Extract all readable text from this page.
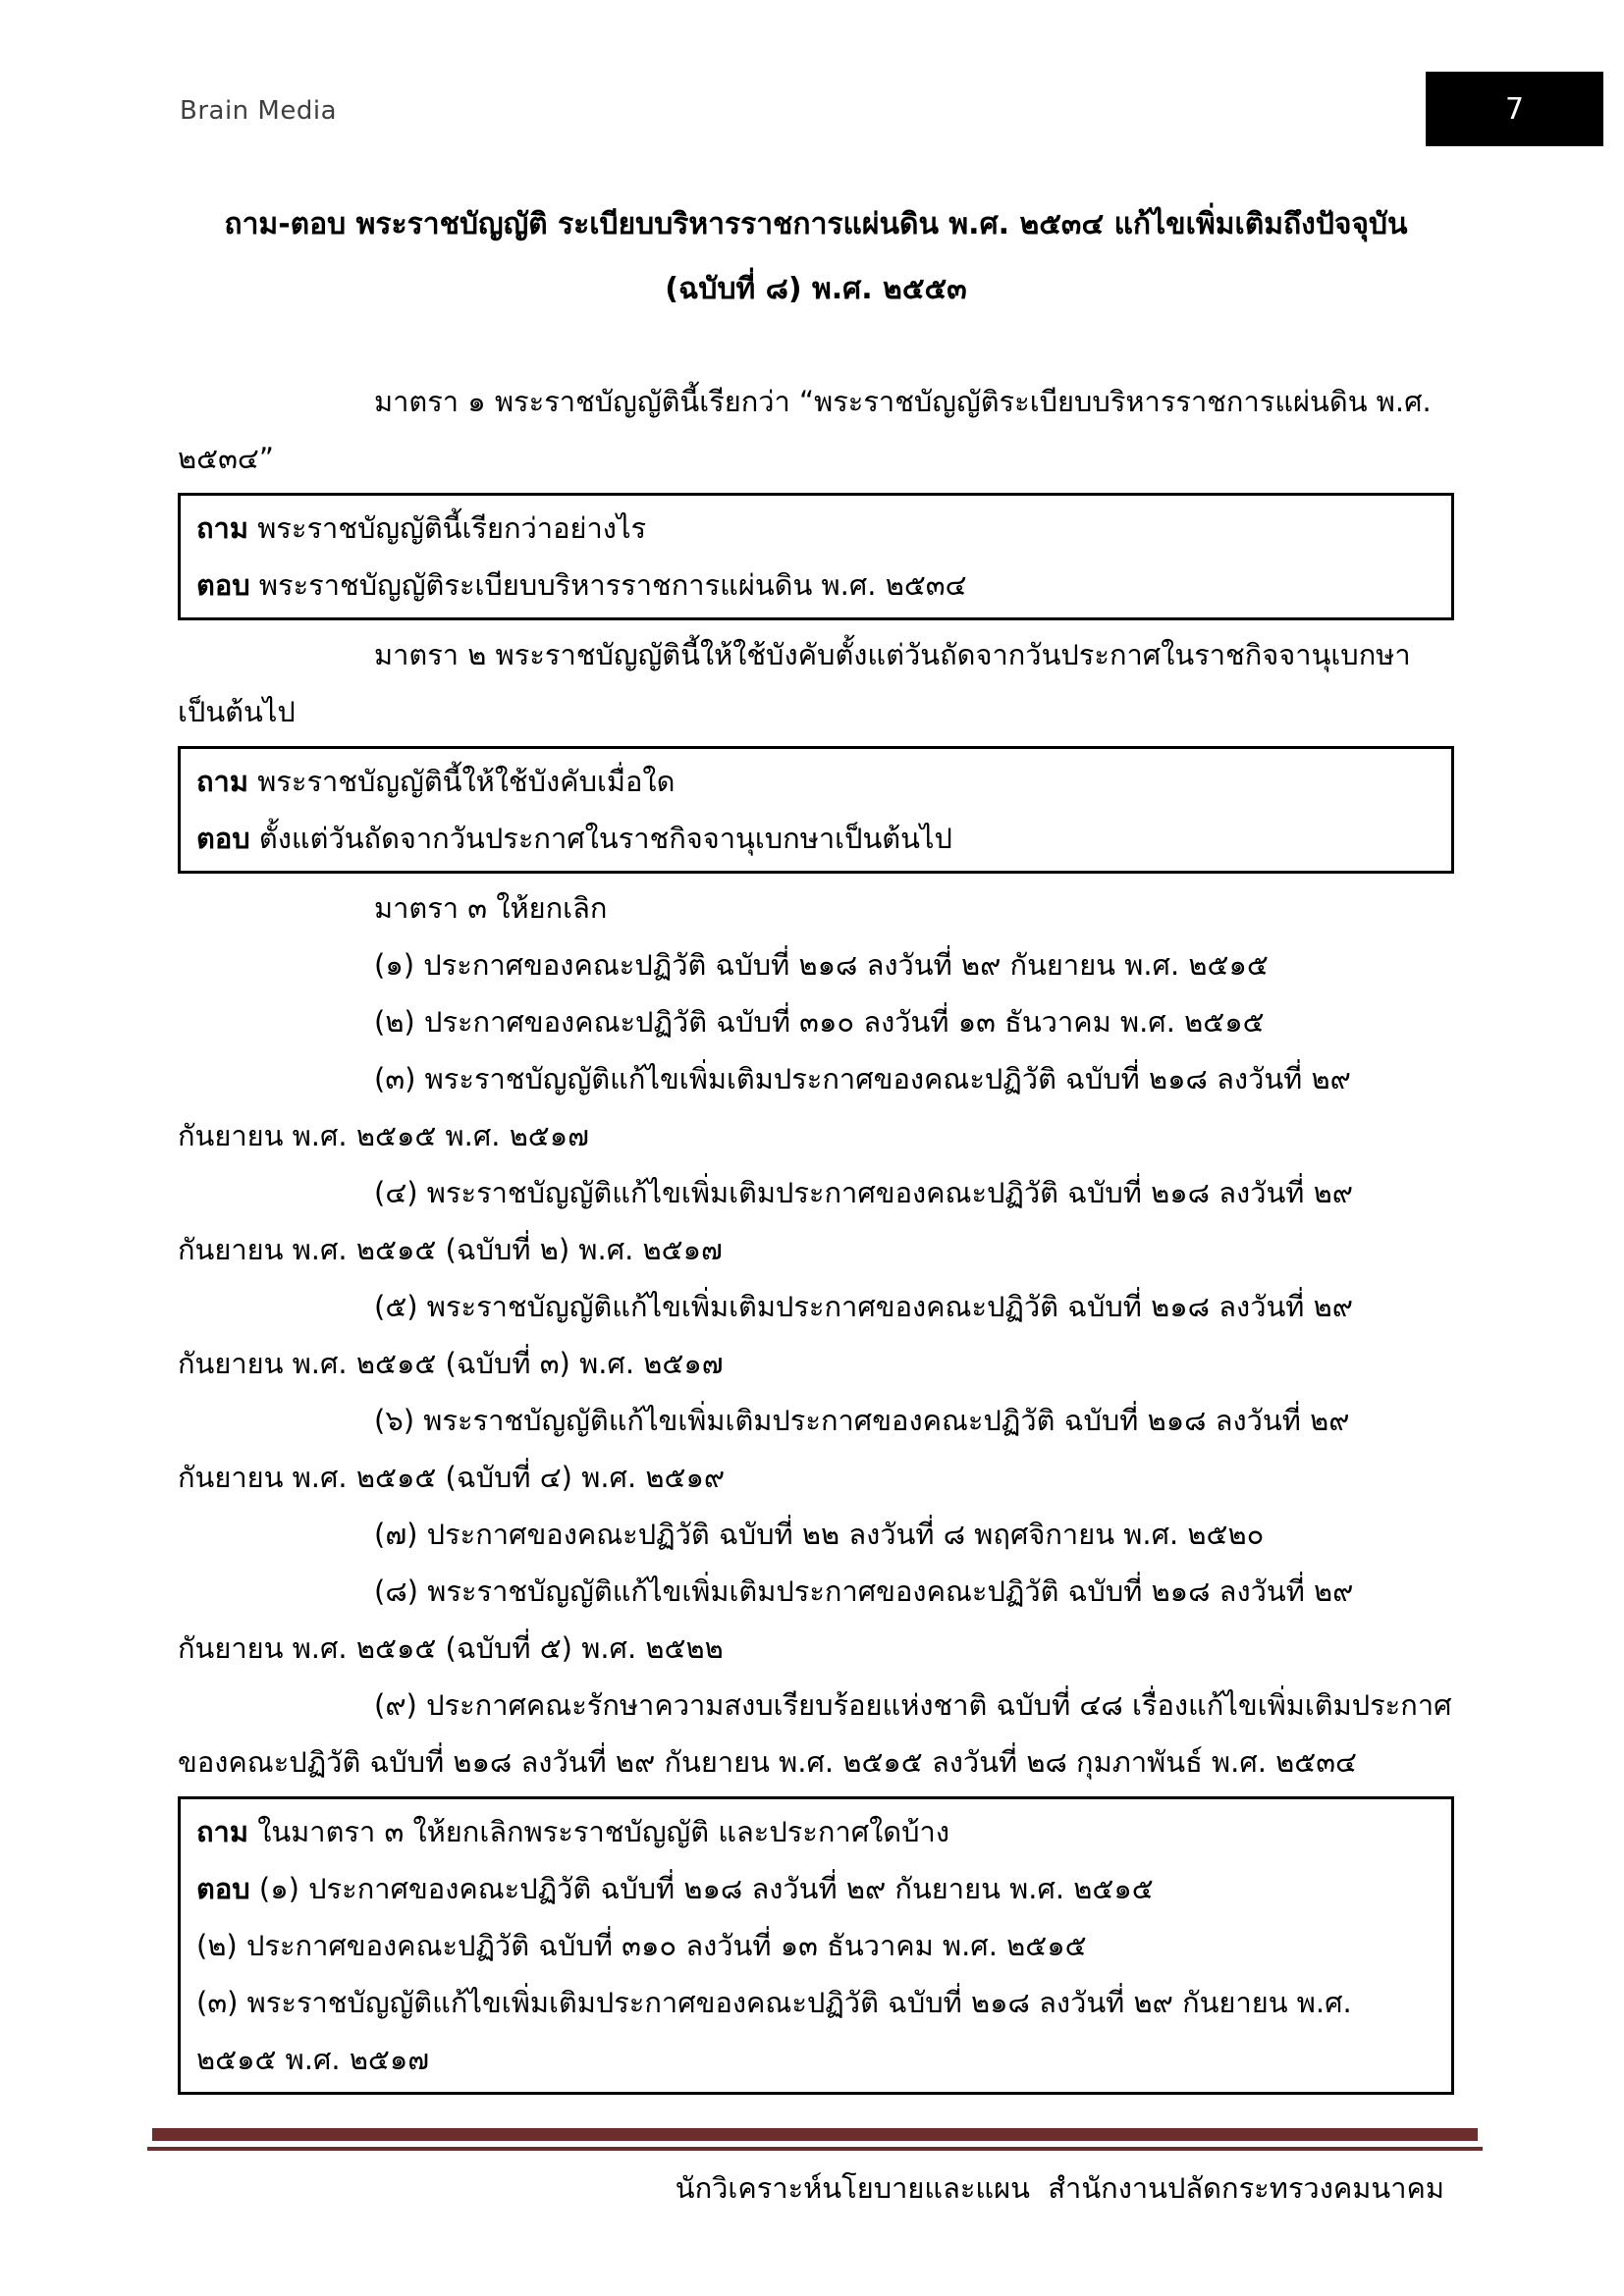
Brain Media	7

ถาม-ตอบ พระราชบัญญัติ ระเบียบบริหารราชการแผ่นดิน พ.ศ. ๒๕๓๔ แก้ไขเพิ่มเติมถึงปัจจุบัน

(ฉบับที่ ๘) พ.ศ. ๒๕๕๓

มาตรา ๑ พระราชบัญญัตินี้เรียกว่า “พระราชบัญญัติระเบียบบริหารราชการแผ่นดิน พ.ศ. ๒๕๓๔”

ถาม พระราชบัญญัตินี้เรียกว่าอย่างไร

ตอบ พระราชบัญญัติระเบียบบริหารราชการแผ่นดิน พ.ศ. ๒๕๓๔

มาตรา ๒ พระราชบัญญัตินี้ให้ใช้บังคับตั้งแต่วันถัดจากวันประกาศในราชกิจจานุเบกษาเป็นต้นไป

ถาม พระราชบัญญัตินี้ให้ใช้บังคับเมื่อใด

ตอบ ตั้งแต่วันถัดจากวันประกาศในราชกิจจานุเบกษาเป็นต้นไป

มาตรา ๓ ให้ยกเลิก

(๑) ประกาศของคณะปฏิวัติ ฉบับที่ ๒๑๘ ลงวันที่ ๒๙ กันยายน พ.ศ. ๒๕๑๕

(๒) ประกาศของคณะปฏิวัติ ฉบับที่ ๓๑๐ ลงวันที่ ๑๓ ธันวาคม พ.ศ. ๒๕๑๕

(๓) พระราชบัญญัติแก้ไขเพิ่มเติมประกาศของคณะปฏิวัติ ฉบับที่ ๒๑๘ ลงวันที่ ๒๙ กันยายน พ.ศ. ๒๕๑๕ พ.ศ. ๒๕๑๗

(๔) พระราชบัญญัติแก้ไขเพิ่มเติมประกาศของคณะปฏิวัติ ฉบับที่ ๒๑๘ ลงวันที่ ๒๙ กันยายน พ.ศ. ๒๕๑๕ (ฉบับที่ ๒) พ.ศ. ๒๕๑๗

(๕) พระราชบัญญัติแก้ไขเพิ่มเติมประกาศของคณะปฏิวัติ ฉบับที่ ๒๑๘ ลงวันที่ ๒๙ กันยายน พ.ศ. ๒๕๑๕ (ฉบับที่ ๓) พ.ศ. ๒๕๑๗

(๖) พระราชบัญญัติแก้ไขเพิ่มเติมประกาศของคณะปฏิวัติ ฉบับที่ ๒๑๘ ลงวันที่ ๒๙ กันยายน พ.ศ. ๒๕๑๕ (ฉบับที่ ๔) พ.ศ. ๒๕๑๙

(๗) ประกาศของคณะปฏิวัติ ฉบับที่ ๒๒ ลงวันที่ ๘ พฤศจิกายน พ.ศ. ๒๕๒๐

(๘) พระราชบัญญัติแก้ไขเพิ่มเติมประกาศของคณะปฏิวัติ ฉบับที่ ๒๑๘ ลงวันที่ ๒๙ กันยายน พ.ศ. ๒๕๑๕ (ฉบับที่ ๕) พ.ศ. ๒๕๒๒

(๙) ประกาศคณะรักษาความสงบเรียบร้อยแห่งชาติ ฉบับที่ ๔๘ เรื่องแก้ไขเพิ่มเติมประกาศของคณะปฏิวัติ ฉบับที่ ๒๑๘ ลงวันที่ ๒๙ กันยายน พ.ศ. ๒๕๑๕ ลงวันที่ ๒๘ กุมภาพันธ์ พ.ศ. ๒๕๓๔

ถาม ในมาตรา ๓ ให้ยกเลิกพระราชบัญญัติ และประกาศใดบ้าง

ตอบ (๑) ประกาศของคณะปฏิวัติ ฉบับที่ ๒๑๘ ลงวันที่ ๒๙ กันยายน พ.ศ. ๒๕๑๕

(๒) ประกาศของคณะปฏิวัติ ฉบับที่ ๓๑๐ ลงวันที่ ๑๓ ธันวาคม พ.ศ. ๒๕๑๕

(๓) พระราชบัญญัติแก้ไขเพิ่มเติมประกาศของคณะปฏิวัติ ฉบับที่ ๒๑๘ ลงวันที่ ๒๙ กันยายน พ.ศ. ๒๕๑๕ พ.ศ. ๒๕๑๗

นักวิเคราะห์นโยบายและแผน  สำนักงานปลัดกระทรวงคมนาคม
